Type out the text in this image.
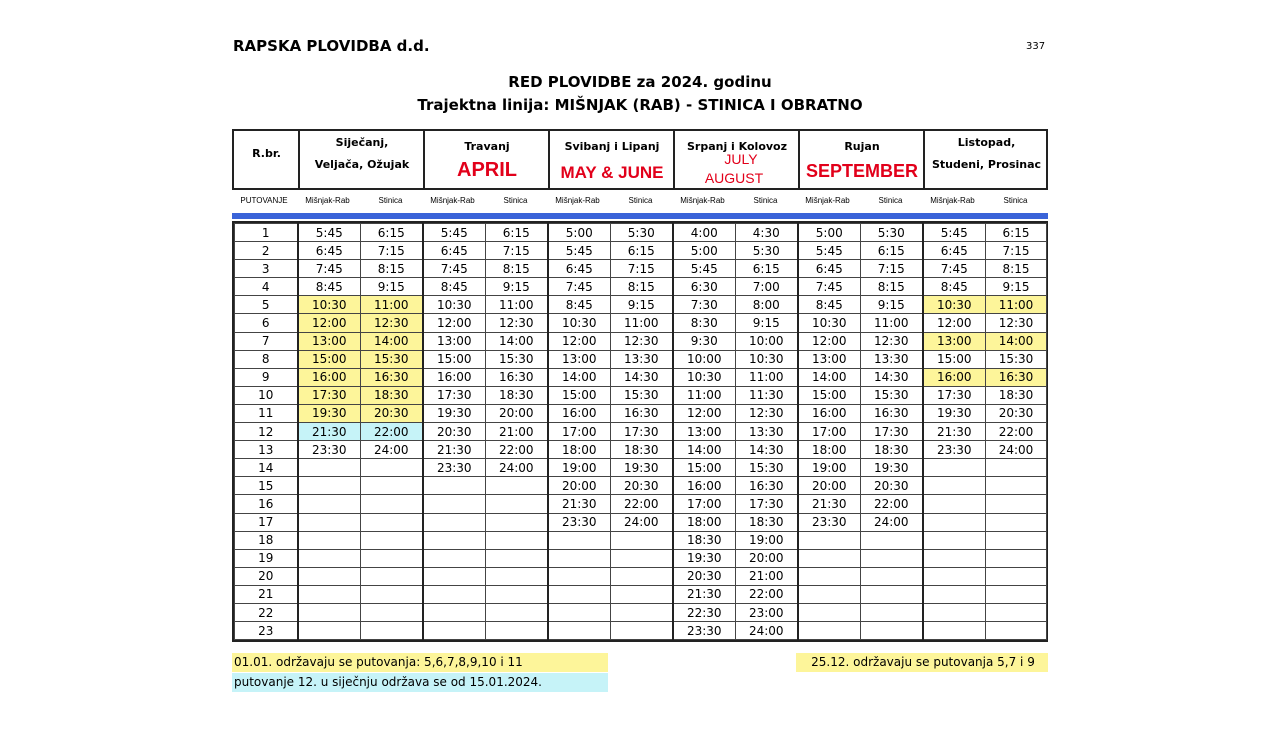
RAPSKA PLOVIDBA d.d.	337
RED PLOVIDBE za 2024. godinu
Trajektna linija: MIŠNJAK (RAB) - STINICA I OBRATNO
R.br.
Siječanj,
Veljača, Ožujak
Travanj
APRIL
Svibanj i Lipanj
MAY & JUNE
Srpanj i Kolovoz
JULY
AUGUST
Rujan
SEPTEMBER
Listopad,
Studeni, Prosinac
PUTOVANJE	Mišnjak-Rab	Stinica	Mišnjak-Rab	Stinica	Mišnjak-Rab	Stinica	Mišnjak-Rab	Stinica	Mišnjak-Rab	Stinica	Mišnjak-Rab	Stinica
1	5:45	6:15	5:45	6:15	5:00	5:30	4:00	4:30	5:00	5:30	5:45	6:15
2	6:45	7:15	6:45	7:15	5:45	6:15	5:00	5:30	5:45	6:15	6:45	7:15
3	7:45	8:15	7:45	8:15	6:45	7:15	5:45	6:15	6:45	7:15	7:45	8:15
4	8:45	9:15	8:45	9:15	7:45	8:15	6:30	7:00	7:45	8:15	8:45	9:15
5	10:30	11:00	10:30	11:00	8:45	9:15	7:30	8:00	8:45	9:15	10:30	11:00
6	12:00	12:30	12:00	12:30	10:30	11:00	8:30	9:15	10:30	11:00	12:00	12:30
7	13:00	14:00	13:00	14:00	12:00	12:30	9:30	10:00	12:00	12:30	13:00	14:00
8	15:00	15:30	15:00	15:30	13:00	13:30	10:00	10:30	13:00	13:30	15:00	15:30
9	16:00	16:30	16:00	16:30	14:00	14:30	10:30	11:00	14:00	14:30	16:00	16:30
10	17:30	18:30	17:30	18:30	15:00	15:30	11:00	11:30	15:00	15:30	17:30	18:30
11	19:30	20:30	19:30	20:00	16:00	16:30	12:00	12:30	16:00	16:30	19:30	20:30
12	21:30	22:00	20:30	21:00	17:00	17:30	13:00	13:30	17:00	17:30	21:30	22:00
13	23:30	24:00	21:30	22:00	18:00	18:30	14:00	14:30	18:00	18:30	23:30	24:00
14			23:30	24:00	19:00	19:30	15:00	15:30	19:00	19:30		
15					20:00	20:30	16:00	16:30	20:00	20:30		
16					21:30	22:00	17:00	17:30	21:30	22:00		
17					23:30	24:00	18:00	18:30	23:30	24:00		
18							18:30	19:00				
19							19:30	20:00				
20							20:30	21:00				
21							21:30	22:00				
22							22:30	23:00				
23							23:30	24:00				
01.01. održavaju se putovanja: 5,6,7,8,9,10 i 11
putovanje 12. u siječnju održava se od 15.01.2024.
25.12. održavaju se putovanja 5,7 i 9
